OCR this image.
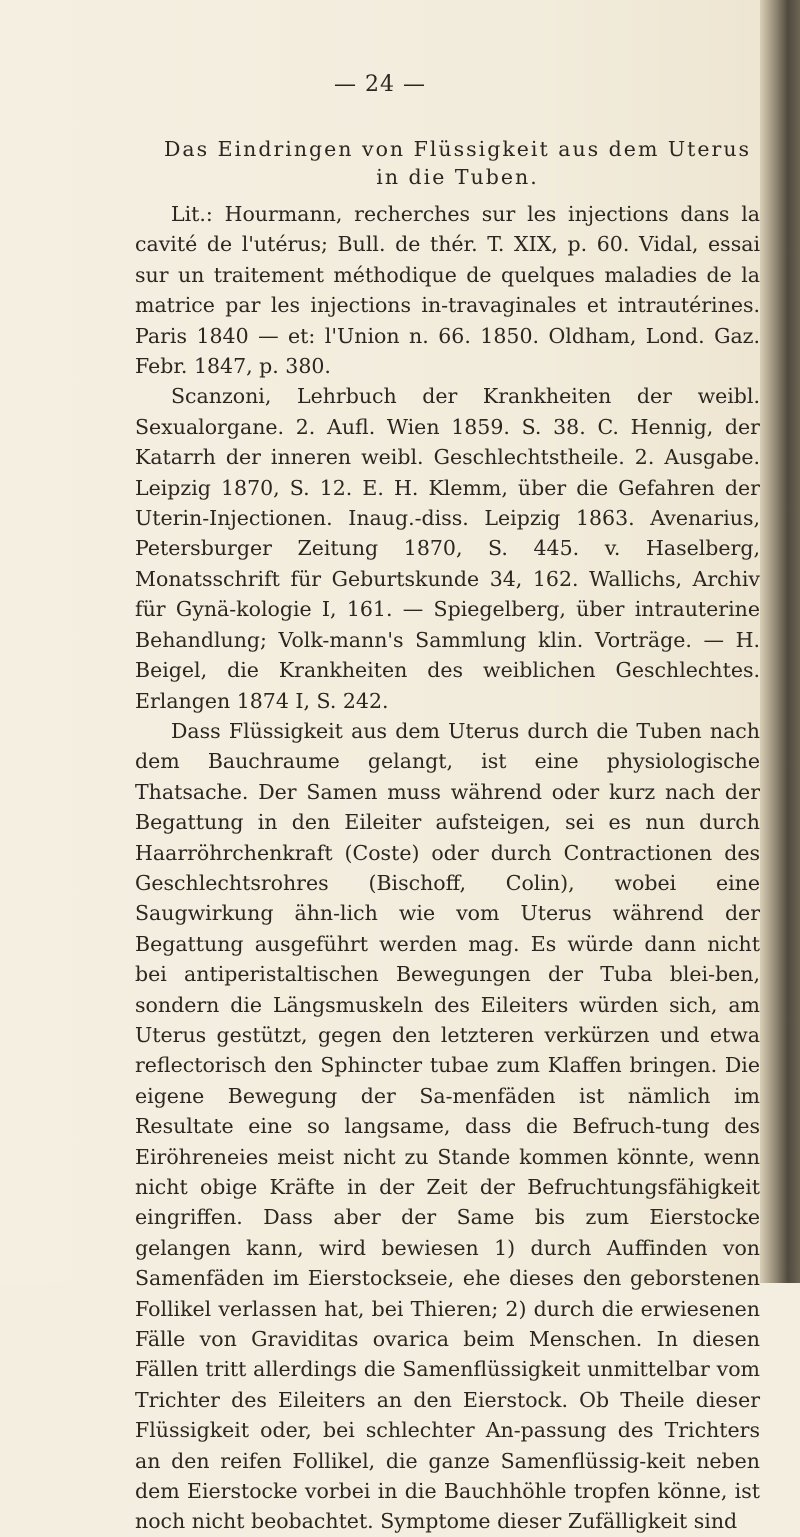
— 24 —
Das Eindringen von Flüssigkeit aus dem Uterus
in die Tuben.

Lit.: Hourmann, recherches sur les injections dans la cavité de l'utérus; Bull. de thér. T. XIX, p. 60. Vidal, essai sur un traitement méthodique de quelques maladies de la matrice par les injections in-travaginales et intrautérines. Paris 1840 — et: l'Union n. 66. 1850. Oldham, Lond. Gaz. Febr. 1847, p. 380.

Scanzoni, Lehrbuch der Krankheiten der weibl. Sexualorgane. 2. Aufl. Wien 1859. S. 38. C. Hennig, der Katarrh der inneren weibl. Geschlechtstheile. 2. Ausgabe. Leipzig 1870, S. 12. E. H. Klemm, über die Gefahren der Uterin-Injectionen. Inaug.-diss. Leipzig 1863. Avenarius, Petersburger Zeitung 1870, S. 445. v. Haselberg, Monatsschrift für Geburtskunde 34, 162. Wallichs, Archiv für Gynä-kologie I, 161. — Spiegelberg, über intrauterine Behandlung; Volk-mann's Sammlung klin. Vorträge. — H. Beigel, die Krankheiten des weiblichen Geschlechtes. Erlangen 1874 I, S. 242.

Dass Flüssigkeit aus dem Uterus durch die Tuben nach dem Bauchraume gelangt, ist eine physiologische Thatsache. Der Samen muss während oder kurz nach der Begattung in den Eileiter aufsteigen, sei es nun durch Haarröhrchenkraft (Coste) oder durch Contractionen des Geschlechtsrohres (Bischoff, Colin), wobei eine Saugwirkung ähn-lich wie vom Uterus während der Begattung ausgeführt werden mag. Es würde dann nicht bei antiperistaltischen Bewegungen der Tuba blei-ben, sondern die Längsmuskeln des Eileiters würden sich, am Uterus gestützt, gegen den letzteren verkürzen und etwa reflectorisch den Sphincter tubae zum Klaffen bringen. Die eigene Bewegung der Sa-menfäden ist nämlich im Resultate eine so langsame, dass die Befruch-tung des Eiröhreneies meist nicht zu Stande kommen könnte, wenn nicht obige Kräfte in der Zeit der Befruchtungsfähigkeit eingriffen. Dass aber der Same bis zum Eierstocke gelangen kann, wird bewiesen 1) durch Auffinden von Samenfäden im Eierstockseie, ehe dieses den geborstenen Follikel verlassen hat, bei Thieren; 2) durch die erwiesenen Fälle von Graviditas ovarica beim Menschen. In diesen Fällen tritt allerdings die Samenflüssigkeit unmittelbar vom Trichter des Eileiters an den Eierstock. Ob Theile dieser Flüssigkeit oder, bei schlechter An-passung des Trichters an den reifen Follikel, die ganze Samenflüssig-keit neben dem Eierstocke vorbei in die Bauchhöhle tropfen könne, ist noch nicht beobachtet. Symptome dieser Zufälligkeit sind
